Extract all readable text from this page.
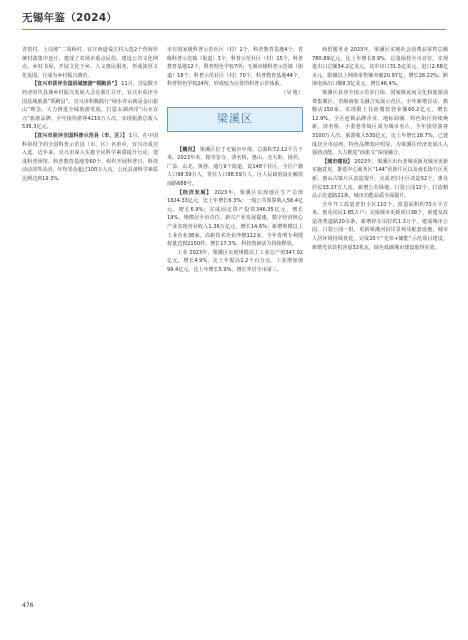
无锡年鉴（2024）

青馆村、上岗坡“二胡桥村、宜庄西道爱庄村入选2个营海传统村落集中连片，建成了农场市重点民俗、建设公共文化网点、乡村书屋，开展文化下乡、人文惠民服务，形成浓厚文化氛围，行成为乡村振兴典范。

【宜兴市获评全国县域旅游“领跑县”】 11月，首届数字经济时代县域乡村振兴发展大会在浙江召开，宜兴市获评全国县域旅游“领跑县”。宜兴市积极践行“绿水青山就是金山银山”理念，大力推进全域旅游发展，打造太湖西岸“山水宜兴”旅游品牌。全年接待游客4210万人次，实现旅游总收入536.3亿元。

【宜兴市获评全国科普示范县（市、区）】 1月，在中国科协授予的全国科普示范县（市、区）名单中，宜兴市成功入选。近年来，宜兴市深入实施全民科学素质提升行动，建成科普场馆、科普教育基地等60个，组织开展科普日、科技活动周等活动，年均受众超过100万人次，公民具备科学素质比例达到19.3%。

市有国家级科普示范社区（村）2个，科普教育基地4个；省级科普示范镇（街道）3个，科普示范社区（村）15个，科普教育基地12个，科普特色学校7所；无锡市级科普示范镇（街道）18个，科普示范社区（村）70个，科普教育基地44个，科普特色学校24所，形成较为完善的科普示范体系。

（吴 枪）

梁溪区

【概况】 梁溪区位于无锡市中部，总面积72.12平方千米。2023年末，辖崇安寺、清名桥、惠山、北大街、扬名、广益、山北、黄巷、通江9个街道，设148个社区。全区户籍人口98.59万人，常住人口98.59万人。区人民政府设在解放南路688号。

【经济发展】 2023年，梁溪区实现地区生产总值1624.33亿元，比上年增长6.3%；一般公共预算收入58.4亿元，增长6.9%；完成固定资产投资346.35亿元，增长19%，规模居全市首位。新兴产业发展提速，数字经济核心产业实现营业收入1.36万亿元，增长14.6%；新增规模以上工业企业38家，高新技术企业净增112家。全年发明专利授权量达到2150件，增长17.3%，科技创新活力持续释放。

工业 2023年，梁溪区实现规模以上工业总产值347.02亿元，增长4.9%，比上年提高1.2个百分点。工业增加值99.4亿元，比上年增长5.9%，增长率居全市第三。

商贸服务业 2023年，梁溪区实现社会消费品零售总额780.89亿元，比上年增长8.9%，总量保持全市首位。实现进出口总额34.2亿美元，其中出口31.5亿美元，进口2.68亿美元。限额以上网络零售额突破20.97亿，增长28.22%；跨境电商出口额8.3亿美元，增长46.4%。

梁溪区获评全国示范步行街、国家级夜间文化和旅游消费集聚区、省级商旅文融合发展示范区，全年新增首店、旗舰店150家，实现限上住宿餐饮营业额60.2亿元，增长12.9%。全区连锁品牌企业、地标商圈、特色街区持续焕新，清名桥、小娄巷等街区成为城市名片，全年接待游客3100万人次，旅游收入530亿元，比上年增长18.7%，已建成居全市前列，特色品牌效应明显，为梁溪区经济发展注入强劲动能，大力推进“商旅文”深度融合。

【城市建设】 2023年，梁溪区出台老城更新及城市更新实施意见，推进中心商务区“144”更新片区以及南长街片区更新、惠山古镇片区改造提升，完成老旧小区改造52个，惠及居民33.27万人次。新增公共绿地、口袋公园12个，打造精品示范道路21条，城市功能品质全面提升。

全年开工改造老旧小区110个，改造面积约70万平方米，惠及居民1.85万户；完成城市更新项目38个，新建及改造各类道路20余条，新增停车泊位约1.3万个，建成城市公园、口袋公园一批，更新梁溪河沿岸景观及配套设施，城市人居环境持续优化。完成20个“光伏+储能”示范项目建设，新增光伏装机容量32兆瓦，绿色低碳城市建设取得实效。

476
